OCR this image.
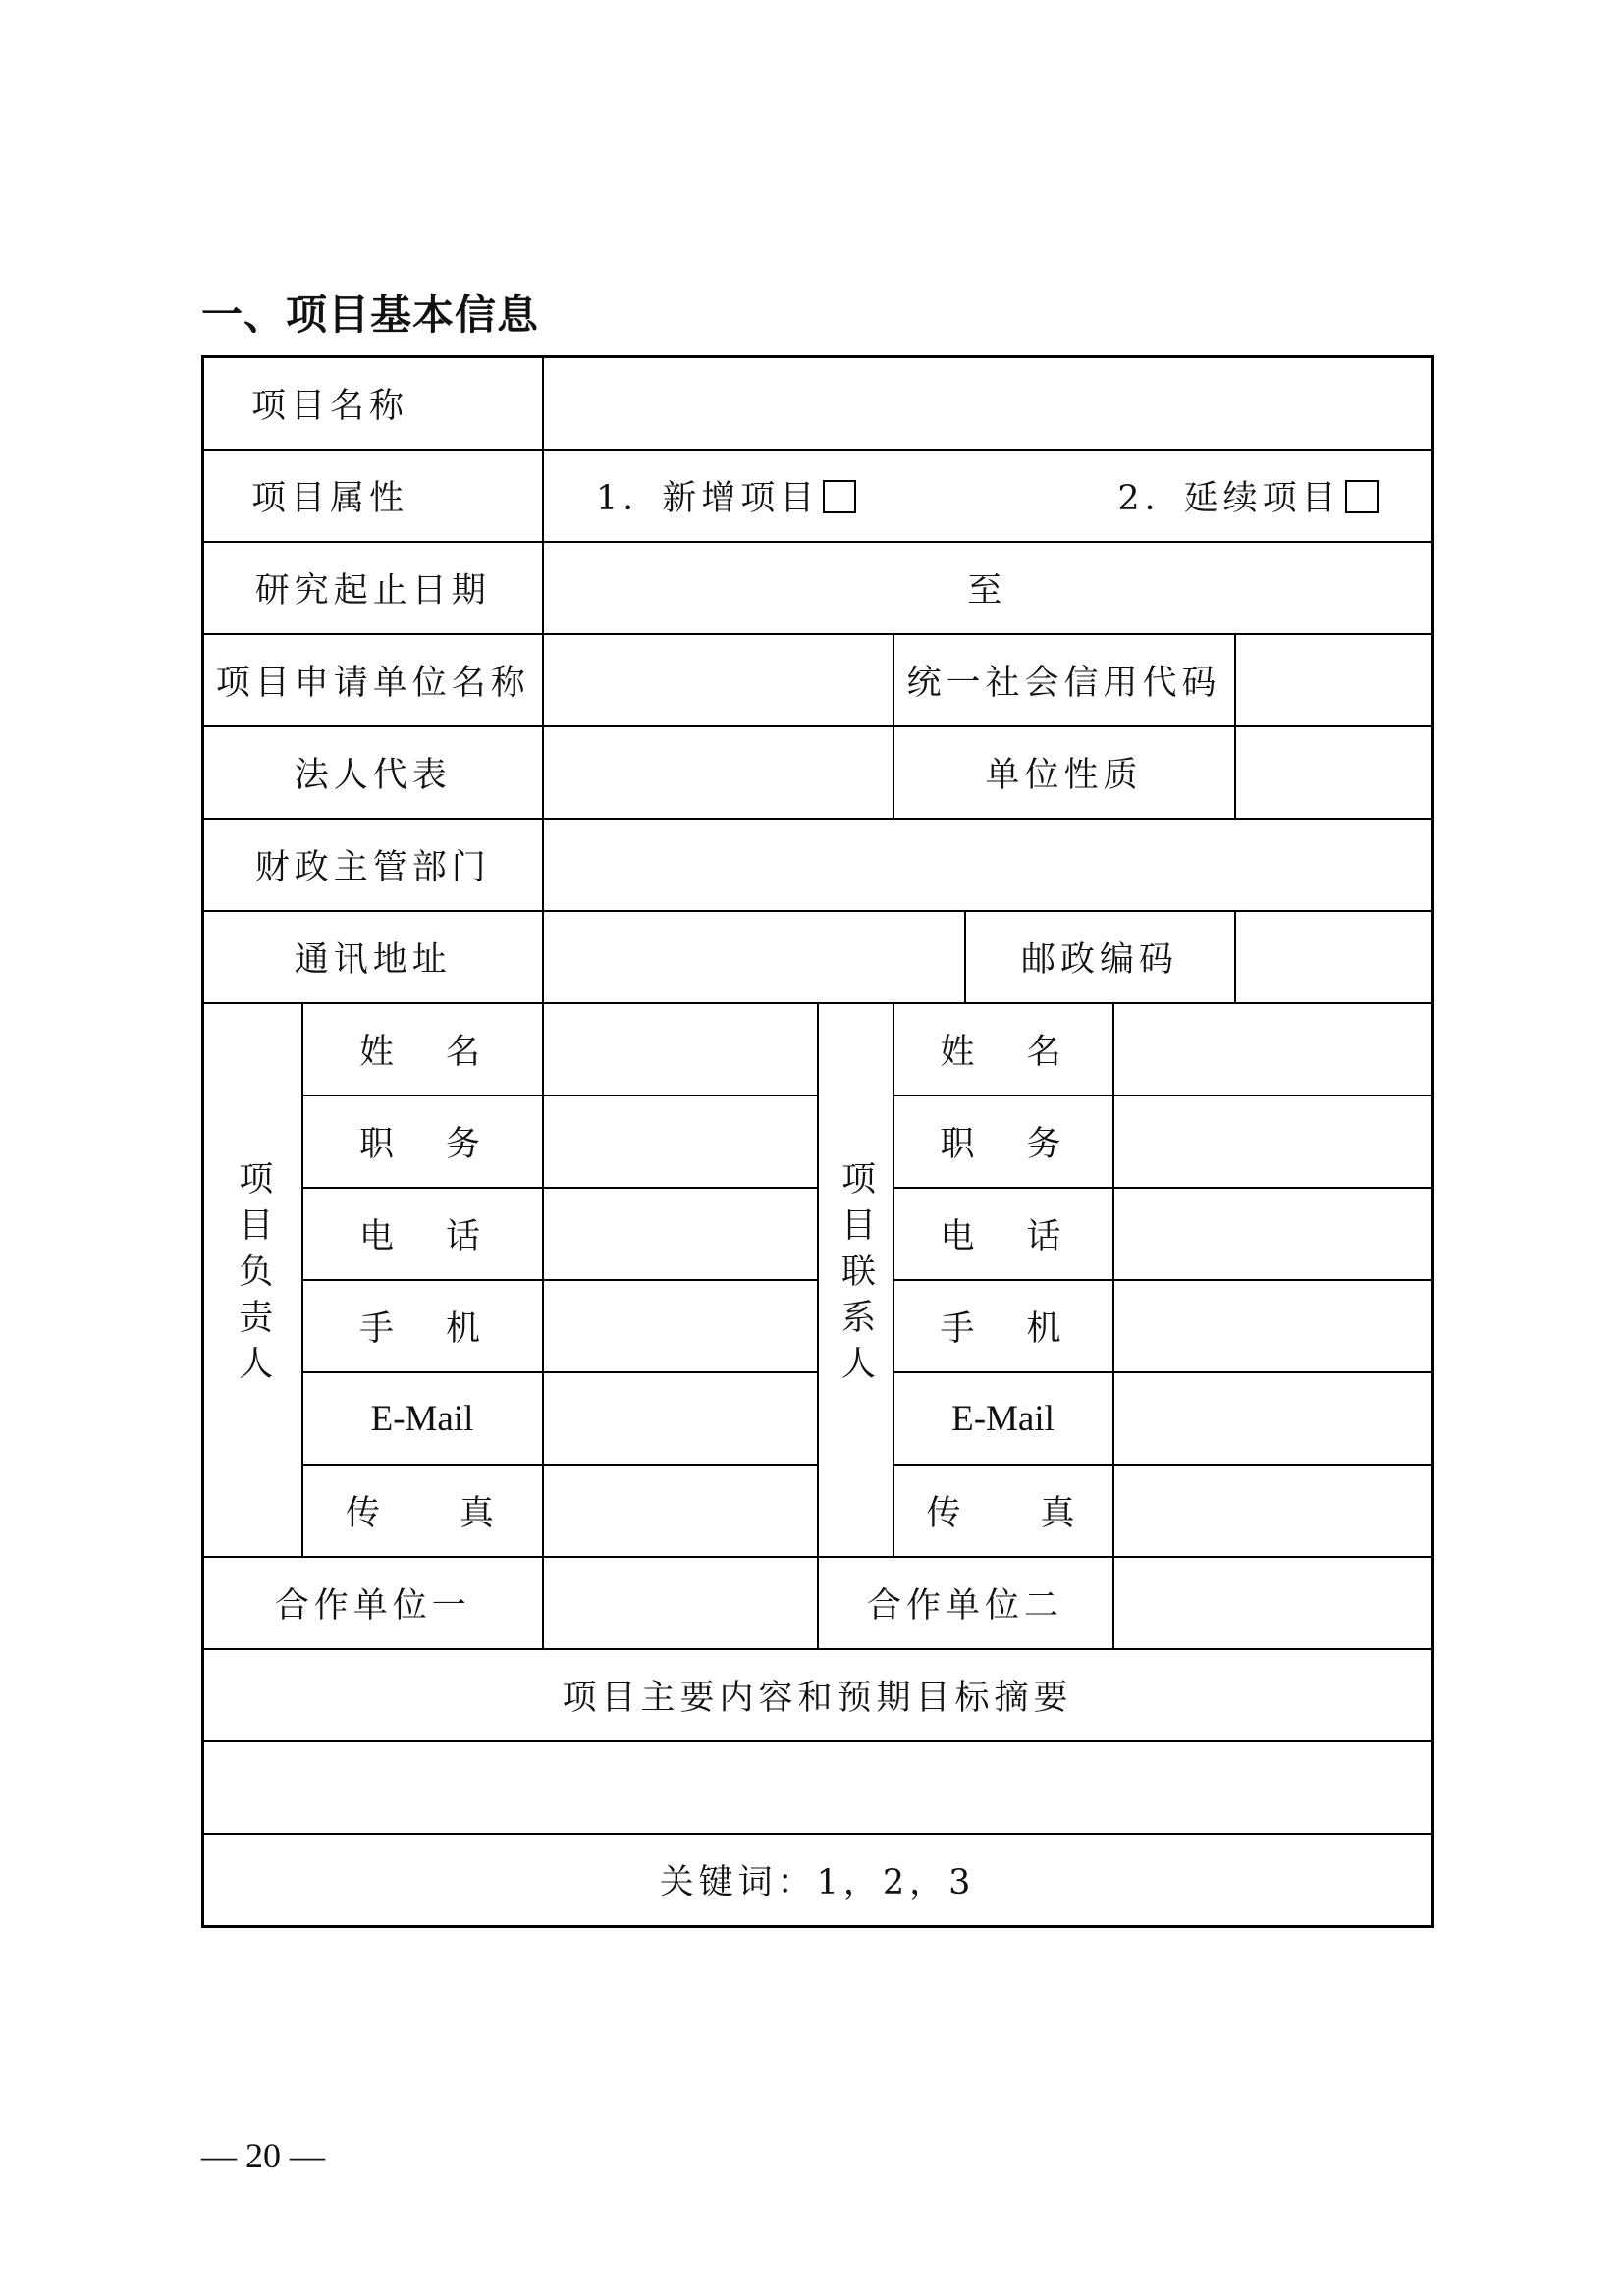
一、项目基本信息
项目名称							
项目属性		1．新增项目 2．延续项目					
研究起止日期		至					
项目申请单位名称				统一社会信用代码			
法人代表				单位性质			
财政主管部门							
通讯地址					邮政编码		
项目负责人	姓 名		项目联系人	姓 名			
	职 务			职 务			
	电 话			电 话			
	手 机			手 机			
	E-Mail			E-Mail			
	传 真			传 真			
合作单位一			合作单位二				
项目主要内容和预期目标摘要							

关键词：1，2，3							
— 20 —
